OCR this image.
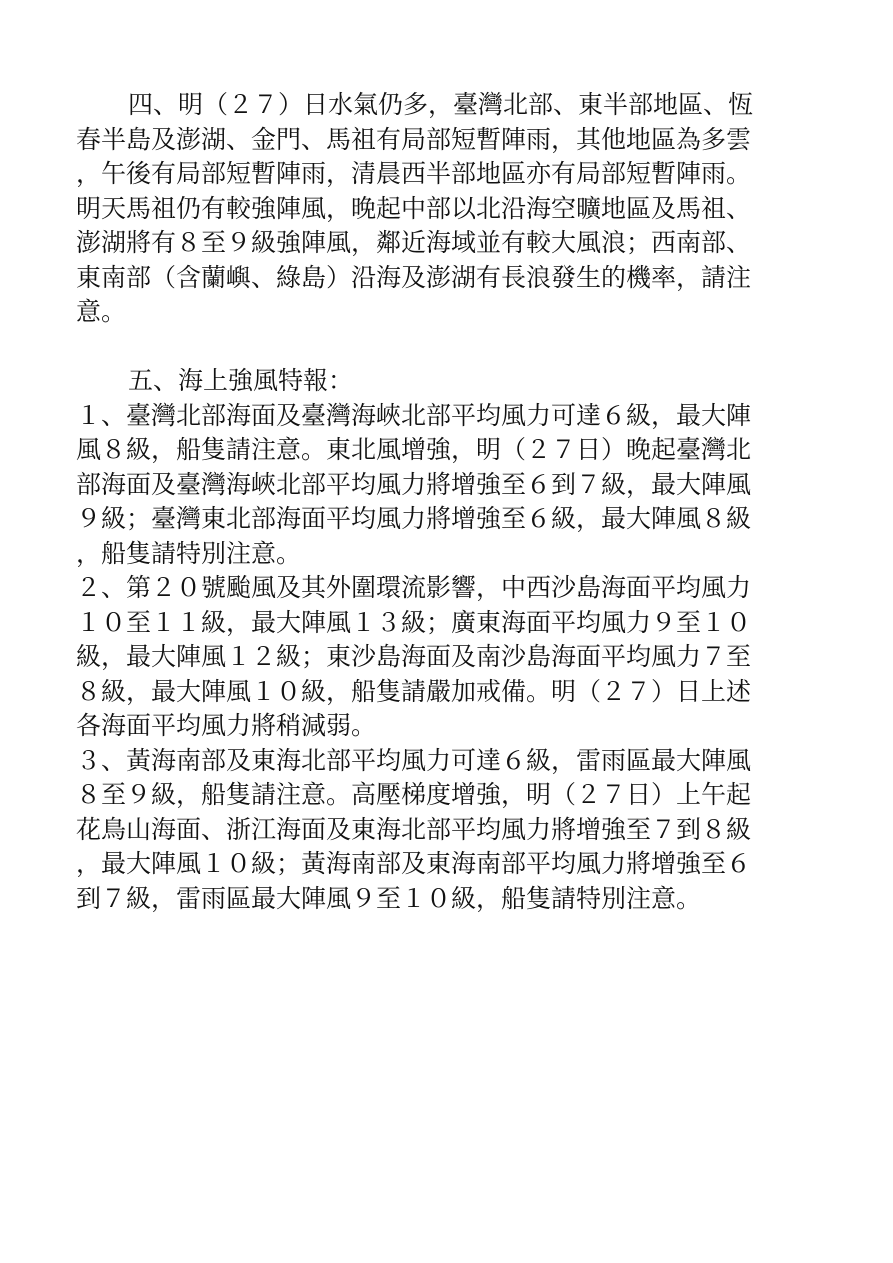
四、明（２７）日水氣仍多，臺灣北部、東半部地區、恆
春半島及澎湖、金門、馬祖有局部短暫陣雨，其他地區為多雲
，午後有局部短暫陣雨，清晨西半部地區亦有局部短暫陣雨。
明天馬祖仍有較強陣風，晚起中部以北沿海空曠地區及馬祖、
澎湖將有８至９級強陣風，鄰近海域並有較大風浪；西南部、
東南部（含蘭嶼、綠島）沿海及澎湖有長浪發生的機率，請注
意。
五、海上強風特報：
１、臺灣北部海面及臺灣海峽北部平均風力可達６級，最大陣
風８級，船隻請注意。東北風增強，明（２７日）晚起臺灣北
部海面及臺灣海峽北部平均風力將增強至６到７級，最大陣風
９級；臺灣東北部海面平均風力將增強至６級，最大陣風８級
，船隻請特別注意。
２、第２０號颱風及其外圍環流影響，中西沙島海面平均風力
１０至１１級，最大陣風１３級；廣東海面平均風力９至１０
級，最大陣風１２級；東沙島海面及南沙島海面平均風力７至
８級，最大陣風１０級，船隻請嚴加戒備。明（２７）日上述
各海面平均風力將稍減弱。
３、黃海南部及東海北部平均風力可達６級，雷雨區最大陣風
８至９級，船隻請注意。高壓梯度增強，明（２７日）上午起
花鳥山海面、浙江海面及東海北部平均風力將增強至７到８級
，最大陣風１０級；黃海南部及東海南部平均風力將增強至６
到７級，雷雨區最大陣風９至１０級，船隻請特別注意。
